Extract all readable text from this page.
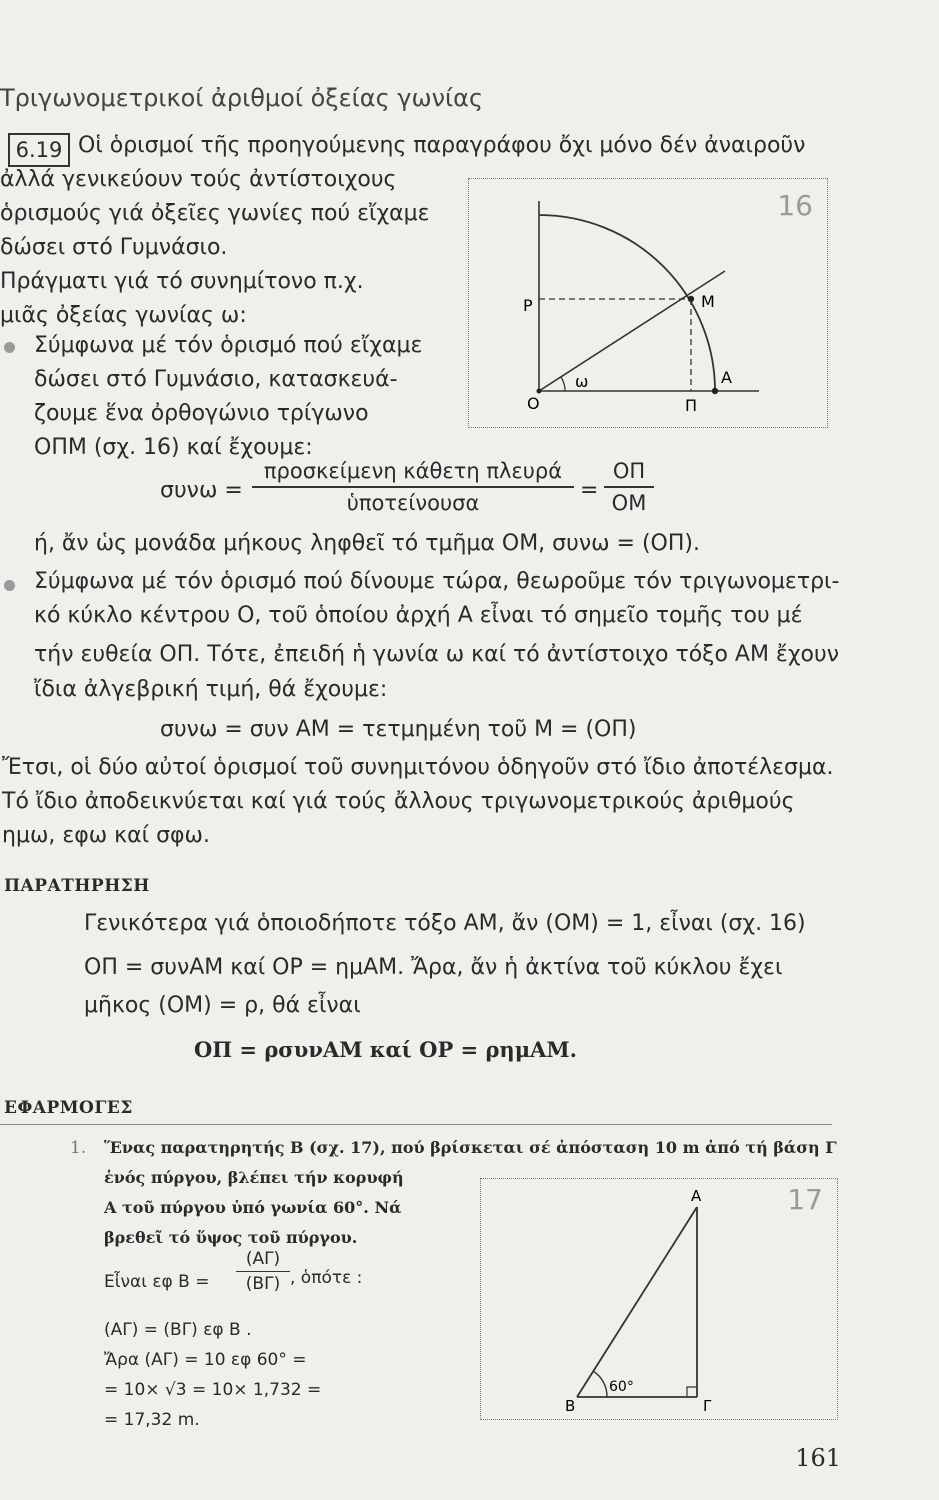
Τριγωνομετρικοί ἀριθμοί ὀξείας γωνίας
6.19 Οἱ ὁρισμοί τῆς προηγούμενης παραγράφου ὄχι μόνο δέν ἀναιροῦν
ἀλλά γενικεύουν τούς ἀντίστοιχους
ὁρισμούς γιά ὀξεῖες γωνίες πού εἴχαμε
δώσει στό Γυμνάσιο.
Πράγματι γιά τό συνημίτονο π.χ.
μιᾶς ὀξείας γωνίας ω:
Σύμφωνα μέ τόν ὁρισμό πού εἴχαμε
δώσει στό Γυμνάσιο, κατασκευά-
ζουμε ἕνα ὀρθογώνιο τρίγωνο
ΟΠΜ (σχ. 16) καί ἔχουμε:
16
Ρ	Μ
Ο	Π
Α
ω
συνω =
προσκείμενη κάθετη πλευρά
ὑποτείνουσα	=
ΟΠ
ΟΜ
ή, ἄν ὡς μονάδα μήκους ληφθεῖ τό τμῆμα ΟΜ, συνω = (ΟΠ).
Σύμφωνα μέ τόν ὁρισμό πού δίνουμε τώρα, θεωροῦμε τόν τριγωνομετρι-
κό κύκλο κέντρου Ο, τοῦ ὁποίου ἀρχή Α εἶναι τό σημεῖο τομῆς του μέ
τήν ευθεία ΟΠ. Τότε, ἐπειδή ἡ γωνία ω καί τό ἀντίστοιχο τόξο ΑΜ ἔχουν
ἴδια ἀλγεβρική τιμή, θά ἔχουμε:
συνω = συν ΑΜ = τετμημένη τοῦ Μ = (ΟΠ)
Ἔτσι, οἱ δύο αὐτοί ὁρισμοί τοῦ συνημιτόνου ὁδηγοῦν στό ἴδιο ἀποτέλεσμα.
Τό ἴδιο ἀποδεικνύεται καί γιά τούς ἄλλους τριγωνομετρικούς ἀριθμούς
ημω, εφω καί σφω.
ΠΑΡΑΤΗΡΗΣΗ
Γενικότερα γιά ὁποιοδήποτε τόξο ΑΜ, ἄν (ΟΜ) = 1, εἶναι (σχ. 16)
ΟΠ = συνΑΜ καί ΟΡ = ημΑΜ. Ἄρα, ἄν ἡ ἀκτίνα τοῦ κύκλου ἔχει
μῆκος (ΟΜ) = ρ, θά εἶναι
ΟΠ = ρσυνΑΜ καί ΟΡ = ρημΑΜ.
ΕΦΑΡΜΟΓΕΣ
1. Ἕνας παρατηρητής Β (σχ. 17), πού βρίσκεται σέ ἀπόσταση 10 m ἀπό τή βάση Γ
ἑνός πύργου, βλέπει τήν κορυφή
Α τοῦ πύργου ὑπό γωνία 60°. Νά
βρεθεῖ τό ὕψος τοῦ πύργου.
Εἶναι εφ Β =
(ΑΓ)
(ΒΓ) , ὁπότε :
(ΑΓ) = (ΒΓ) εφ Β .
Ἄρα (ΑΓ) = 10 εφ 60° =
= 10× √3 = 10× 1,732 =
= 17,32 m.
17
Α
Β	Γ
60°
161
